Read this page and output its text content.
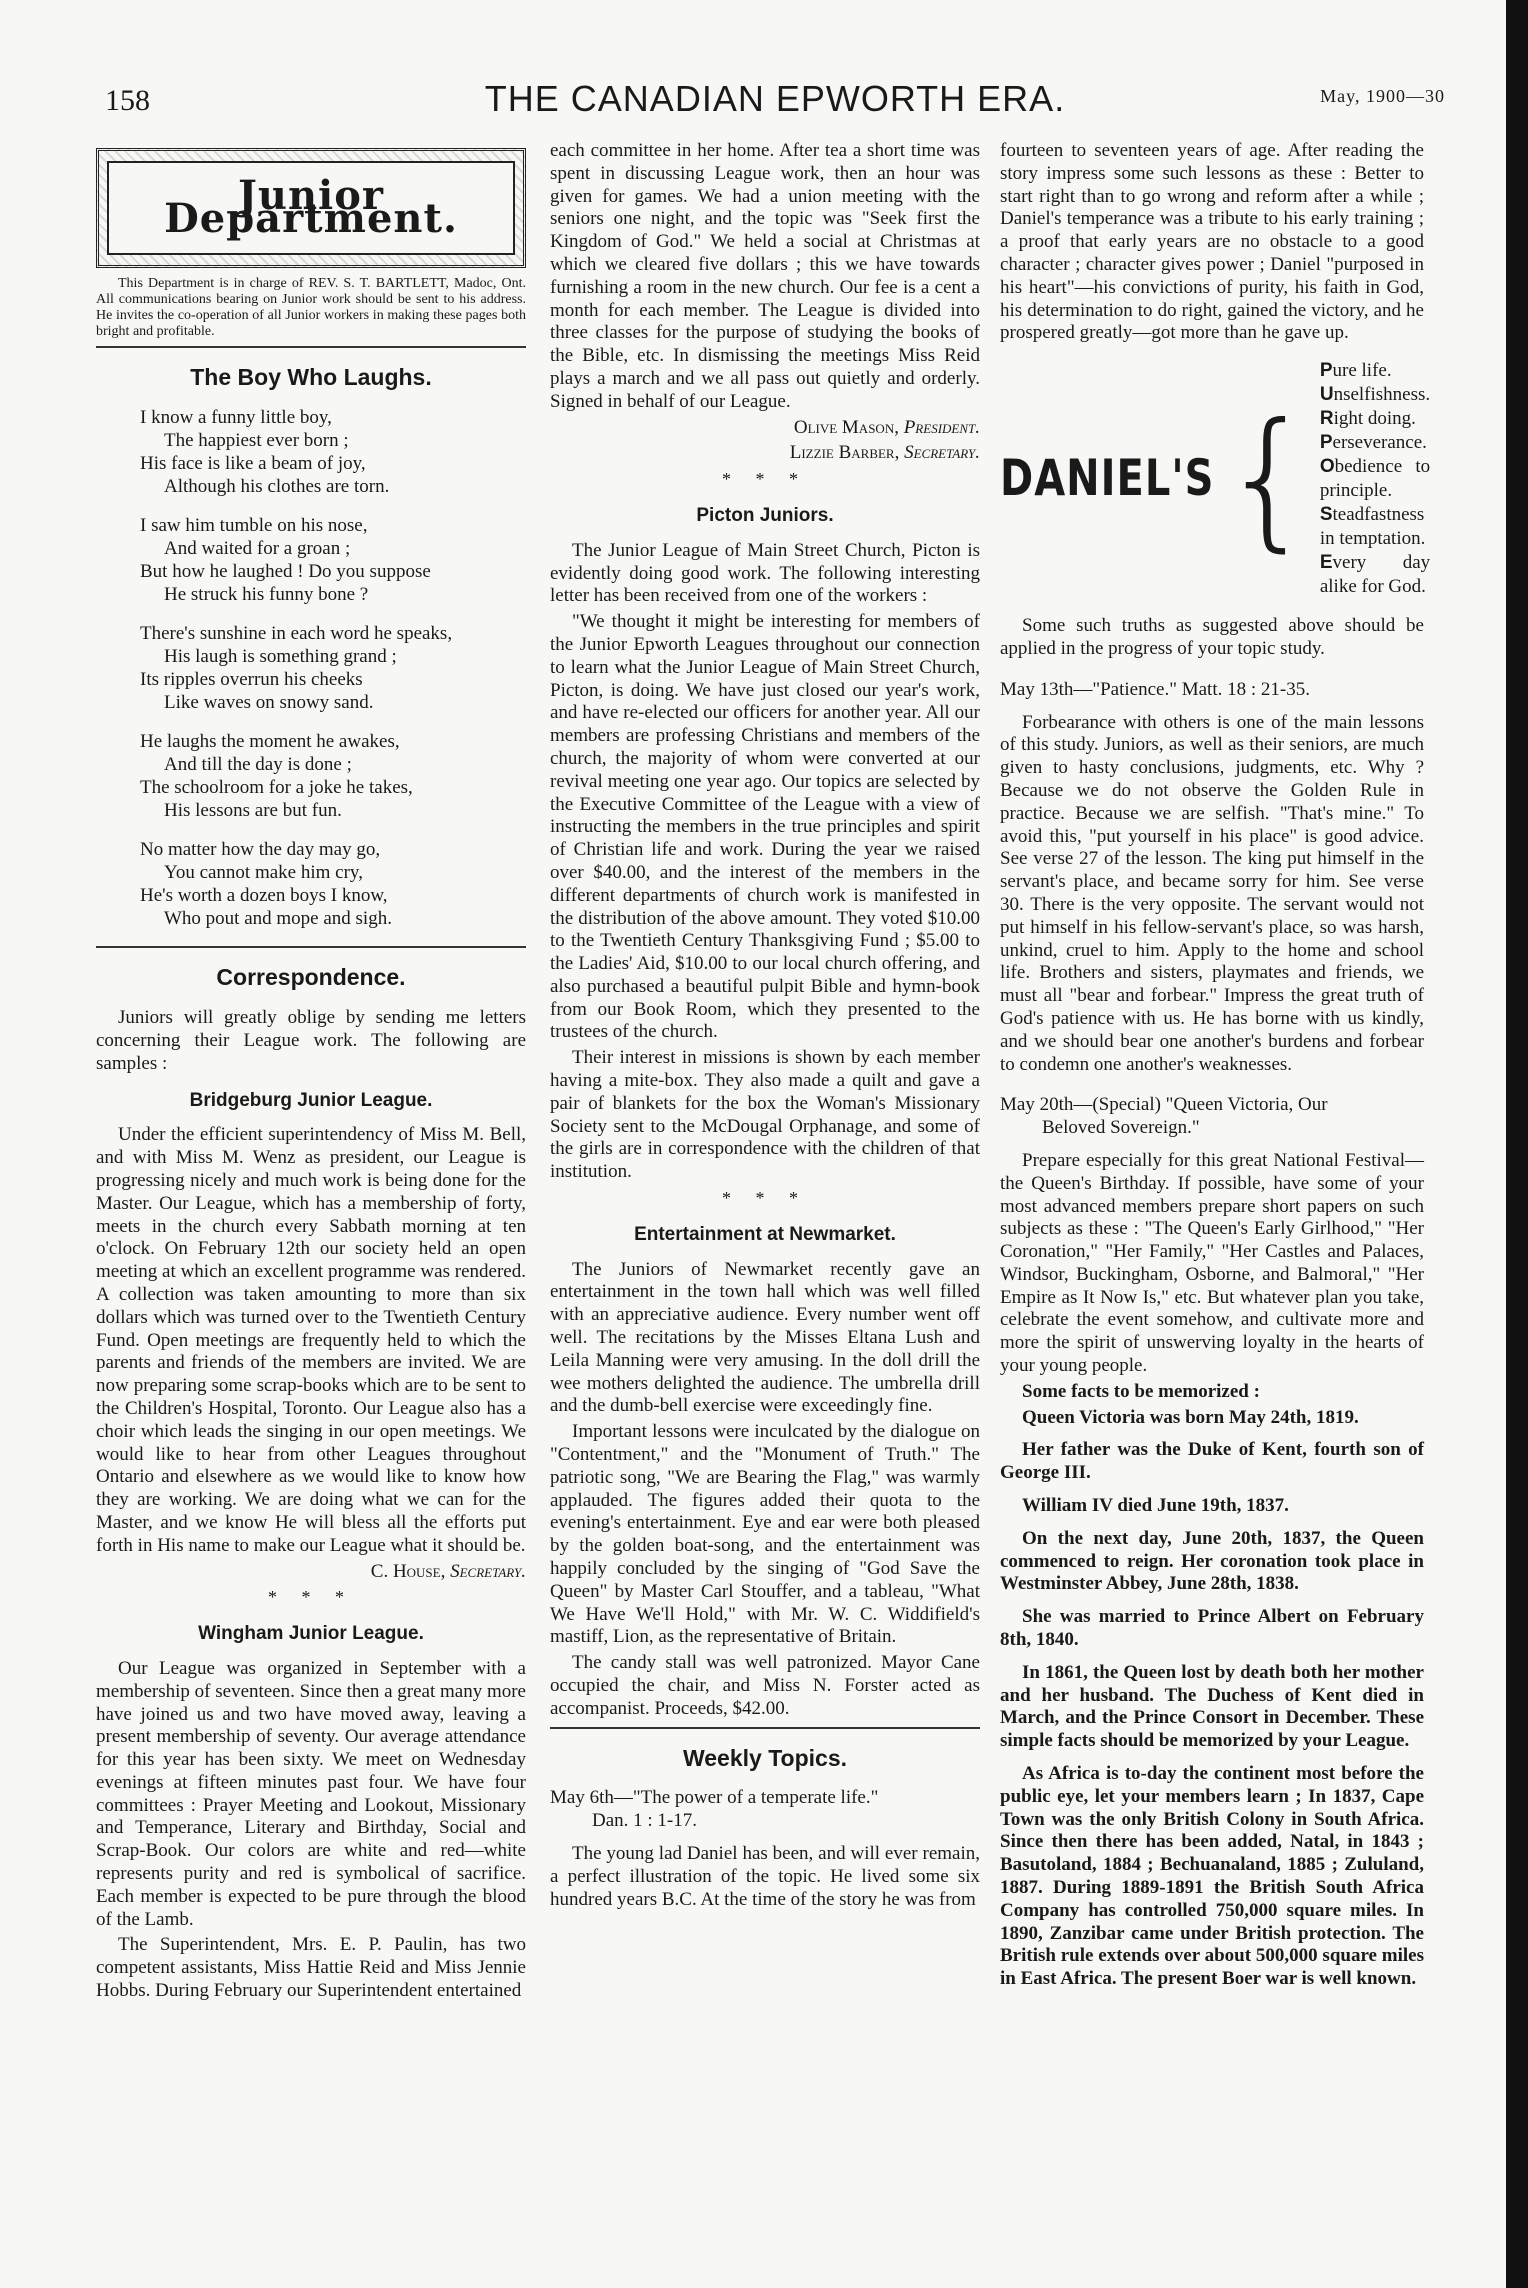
158	THE CANADIAN EPWORTH ERA.	May, 1900—30
Junior Department.

This Department is in charge of REV. S. T. BARTLETT, Madoc, Ont. All communications bearing on Junior work should be sent to his address. He invites the co-operation of all Junior workers in making these pages both bright and profitable.

The Boy Who Laughs.
I know a funny little boy,
The happiest ever born ;
His face is like a beam of joy,
Although his clothes are torn.
I saw him tumble on his nose,
And waited for a groan ;
But how he laughed ! Do you suppose
He struck his funny bone ?
There's sunshine in each word he speaks,
His laugh is something grand ;
Its ripples overrun his cheeks
Like waves on snowy sand.
He laughs the moment he awakes,
And till the day is done ;
The schoolroom for a joke he takes,
His lessons are but fun.
No matter how the day may go,
You cannot make him cry,
He's worth a dozen boys I know,
Who pout and mope and sigh.
Correspondence.

Juniors will greatly oblige by sending me letters concerning their League work. The following are samples :

Bridgeburg Junior League.

Under the efficient superintendency of Miss M. Bell, and with Miss M. Wenz as president, our League is progressing nicely and much work is being done for the Master. Our League, which has a membership of forty, meets in the church every Sabbath morning at ten o'clock. On February 12th our society held an open meeting at which an excellent programme was rendered. A collection was taken amounting to more than six dollars which was turned over to the Twentieth Century Fund. Open meetings are frequently held to which the parents and friends of the members are invited. We are now preparing some scrap-books which are to be sent to the Children's Hospital, Toronto. Our League also has a choir which leads the singing in our open meetings. We would like to hear from other Leagues throughout Ontario and elsewhere as we would like to know how they are working. We are doing what we can for the Master, and we know He will bless all the efforts put forth in His name to make our League what it should be.

C. House, Secretary.

* * *
Wingham Junior League.

Our League was organized in September with a membership of seventeen. Since then a great many more have joined us and two have moved away, leaving a present membership of seventy. Our average attendance for this year has been sixty. We meet on Wednesday evenings at fifteen minutes past four. We have four committees : Prayer Meeting and Lookout, Missionary and Temperance, Literary and Birthday, Social and Scrap-Book. Our colors are white and red—white represents purity and red is symbolical of sacrifice. Each member is expected to be pure through the blood of the Lamb.

The Superintendent, Mrs. E. P. Paulin, has two competent assistants, Miss Hattie Reid and Miss Jennie Hobbs. During February our Superintendent entertained

each committee in her home. After tea a short time was spent in discussing League work, then an hour was given for games. We had a union meeting with the seniors one night, and the topic was "Seek first the Kingdom of God." We held a social at Christmas at which we cleared five dollars ; this we have towards furnishing a room in the new church. Our fee is a cent a month for each member. The League is divided into three classes for the purpose of studying the books of the Bible, etc. In dismissing the meetings Miss Reid plays a march and we all pass out quietly and orderly. Signed in behalf of our League.

Olive Mason, President.

Lizzie Barber, Secretary.

* * *
Picton Juniors.

The Junior League of Main Street Church, Picton is evidently doing good work. The following interesting letter has been received from one of the workers :

"We thought it might be interesting for members of the Junior Epworth Leagues throughout our connection to learn what the Junior League of Main Street Church, Picton, is doing. We have just closed our year's work, and have re-elected our officers for another year. All our members are professing Christians and members of the church, the majority of whom were converted at our revival meeting one year ago. Our topics are selected by the Executive Committee of the League with a view of instructing the members in the true principles and spirit of Christian life and work. During the year we raised over $40.00, and the interest of the members in the different departments of church work is manifested in the distribution of the above amount. They voted $10.00 to the Twentieth Century Thanksgiving Fund ; $5.00 to the Ladies' Aid, $10.00 to our local church offering, and also purchased a beautiful pulpit Bible and hymn-book from our Book Room, which they presented to the trustees of the church.

Their interest in missions is shown by each member having a mite-box. They also made a quilt and gave a pair of blankets for the box the Woman's Missionary Society sent to the McDougal Orphanage, and some of the girls are in correspondence with the children of that institution.

* * *
Entertainment at Newmarket.

The Juniors of Newmarket recently gave an entertainment in the town hall which was well filled with an appreciative audience. Every number went off well. The recitations by the Misses Eltana Lush and Leila Manning were very amusing. In the doll drill the wee mothers delighted the audience. The umbrella drill and the dumb-bell exercise were exceedingly fine.

Important lessons were inculcated by the dialogue on "Contentment," and the "Monument of Truth." The patriotic song, "We are Bearing the Flag," was warmly applauded. The figures added their quota to the evening's entertainment. Eye and ear were both pleased by the golden boat-song, and the entertainment was happily concluded by the singing of "God Save the Queen" by Master Carl Stouffer, and a tableau, "What We Have We'll Hold," with Mr. W. C. Widdifield's mastiff, Lion, as the representative of Britain.

The candy stall was well patronized. Mayor Cane occupied the chair, and Miss N. Forster acted as accompanist. Proceeds, $42.00.

Weekly Topics.

May 6th—"The power of a temperate life."
Dan. 1 : 1-17.

The young lad Daniel has been, and will ever remain, a perfect illustration of the topic. He lived some six hundred years B.C. At the time of the story he was from

fourteen to seventeen years of age. After reading the story impress some such lessons as these : Better to start right than to go wrong and reform after a while ; Daniel's temperance was a tribute to his early training ; a proof that early years are no obstacle to a good character ; character gives power ; Daniel "purposed in his heart"—his convictions of purity, his faith in God, his determination to do right, gained the victory, and he prospered greatly—got more than he gave up.

DANIEL'S {
Pure life.
Unselfishness.
Right doing.
Perseverance.
Obedience to principle.
Steadfastness in temptation.
Every day alike for God.

Some such truths as suggested above should be applied in the progress of your topic study.

May 13th—"Patience." Matt. 18 : 21-35.

Forbearance with others is one of the main lessons of this study. Juniors, as well as their seniors, are much given to hasty conclusions, judgments, etc. Why ? Because we do not observe the Golden Rule in practice. Because we are selfish. "That's mine." To avoid this, "put yourself in his place" is good advice. See verse 27 of the lesson. The king put himself in the servant's place, and became sorry for him. See verse 30. There is the very opposite. The servant would not put himself in his fellow-servant's place, so was harsh, unkind, cruel to him. Apply to the home and school life. Brothers and sisters, playmates and friends, we must all "bear and forbear." Impress the great truth of God's patience with us. He has borne with us kindly, and we should bear one another's burdens and forbear to condemn one another's weaknesses.

May 20th—(Special) "Queen Victoria, Our
Beloved Sovereign."

Prepare especially for this great National Festival—the Queen's Birthday. If possible, have some of your most advanced members prepare short papers on such subjects as these : "The Queen's Early Girlhood," "Her Coronation," "Her Family," "Her Castles and Palaces, Windsor, Buckingham, Osborne, and Balmoral," "Her Empire as It Now Is," etc. But whatever plan you take, celebrate the event somehow, and cultivate more and more the spirit of unswerving loyalty in the hearts of your young people.

Some facts to be memorized :

Queen Victoria was born May 24th, 1819.

Her father was the Duke of Kent, fourth son of George III.

William IV died June 19th, 1837.

On the next day, June 20th, 1837, the Queen commenced to reign. Her coronation took place in Westminster Abbey, June 28th, 1838.

She was married to Prince Albert on February 8th, 1840.

In 1861, the Queen lost by death both her mother and her husband. The Duchess of Kent died in March, and the Prince Consort in December. These simple facts should be memorized by your League.

As Africa is to-day the continent most before the public eye, let your members learn ; In 1837, Cape Town was the only British Colony in South Africa. Since then there has been added, Natal, in 1843 ; Basutoland, 1884 ; Bechuanaland, 1885 ; Zululand, 1887. During 1889-1891 the British South Africa Company has controlled 750,000 square miles. In 1890, Zanzibar came under British protection. The British rule extends over about 500,000 square miles in East Africa. The present Boer war is well known.
